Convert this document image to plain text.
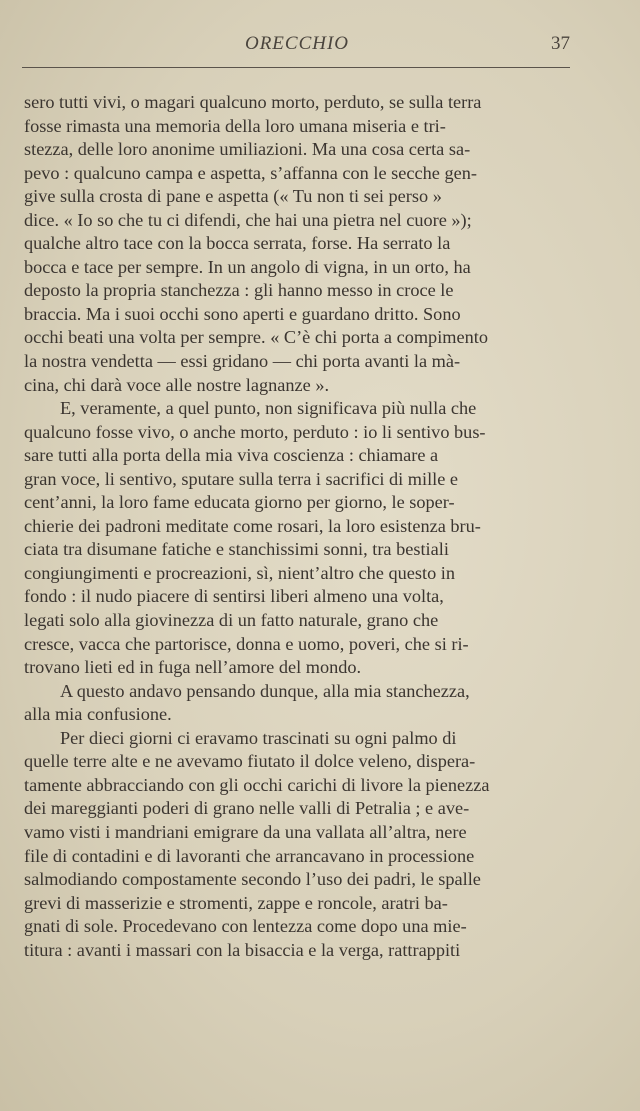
ORECCHIO	37
sero tutti vivi, o magari qualcuno morto, perduto, se sulla terra
fosse rimasta una memoria della loro umana miseria e tri-
stezza, delle loro anonime umiliazioni. Ma una cosa certa sa-
pevo : qualcuno campa e aspetta, s’affanna con le secche gen-
give sulla crosta di pane e aspetta (« Tu non ti sei perso »
dice. « Io so che tu ci difendi, che hai una pietra nel cuore »);
qualche altro tace con la bocca serrata, forse. Ha serrato la
bocca e tace per sempre. In un angolo di vigna, in un orto, ha
deposto la propria stanchezza : gli hanno messo in croce le
braccia. Ma i suoi occhi sono aperti e guardano dritto. Sono
occhi beati una volta per sempre. « C’è chi porta a compimento
la nostra vendetta — essi gridano — chi porta avanti la mà-
cina, chi darà voce alle nostre lagnanze ».
E, veramente, a quel punto, non significava più nulla che
qualcuno fosse vivo, o anche morto, perduto : io li sentivo bus-
sare tutti alla porta della mia viva coscienza : chiamare a
gran voce, li sentivo, sputare sulla terra i sacrifici di mille e
cent’anni, la loro fame educata giorno per giorno, le soper-
chierie dei padroni meditate come rosari, la loro esistenza bru-
ciata tra disumane fatiche e stanchissimi sonni, tra bestiali
congiungimenti e procreazioni, sì, nient’altro che questo in
fondo : il nudo piacere di sentirsi liberi almeno una volta,
legati solo alla giovinezza di un fatto naturale, grano che
cresce, vacca che partorisce, donna e uomo, poveri, che si ri-
trovano lieti ed in fuga nell’amore del mondo.
A questo andavo pensando dunque, alla mia stanchezza,
alla mia confusione.
Per dieci giorni ci eravamo trascinati su ogni palmo di
quelle terre alte e ne avevamo fiutato il dolce veleno, dispera-
tamente abbracciando con gli occhi carichi di livore la pienezza
dei mareggianti poderi di grano nelle valli di Petralia ; e ave-
vamo visti i mandriani emigrare da una vallata all’altra, nere
file di contadini e di lavoranti che arrancavano in processione
salmodiando compostamente secondo l’uso dei padri, le spalle
grevi di masserizie e stromenti, zappe e roncole, aratri ba-
gnati di sole. Procedevano con lentezza come dopo una mie-
titura : avanti i massari con la bisaccia e la verga, rattrappiti
